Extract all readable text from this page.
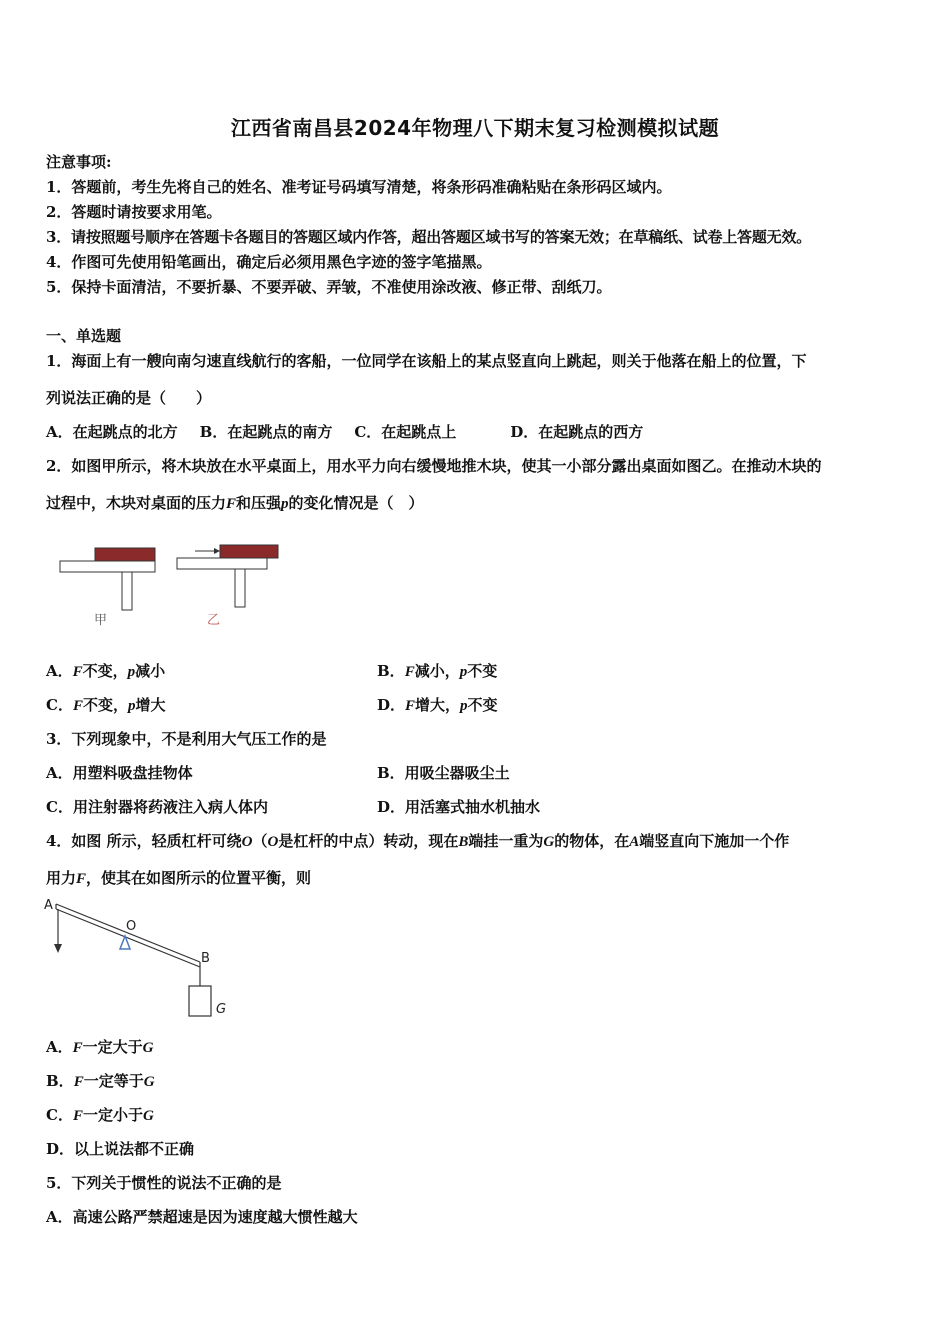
江西省南昌县2024年物理八下期末复习检测模拟试题
注意事项:
1．答题前，考生先将自己的姓名、准考证号码填写清楚，将条形码准确粘贴在条形码区域内。
2．答题时请按要求用笔。
3．请按照题号顺序在答题卡各题目的答题区域内作答，超出答题区域书写的答案无效；在草稿纸、试卷上答题无效。
4．作图可先使用铅笔画出，确定后必须用黑色字迹的签字笔描黑。
5．保持卡面清洁，不要折暴、不要弄破、弄皱，不准使用涂改液、修正带、刮纸刀。
一、单选题
1．海面上有一艘向南匀速直线航行的客船，一位同学在该船上的某点竖直向上跳起，则关于他落在船上的位置，下
列说法正确的是（　　）
A．在起跳点的北方 B．在起跳点的南方 C．在起跳点上	D．在起跳点的西方
2．如图甲所示，将木块放在水平桌面上，用水平力向右缓慢地推木块，使其一小部分露出桌面如图乙。在推动木块的
过程中，木块对桌面的压力F和压强p的变化情况是（　）
甲	乙
A．F不变，p减小	B．F减小，p不变
C．F不变，p增大	D．F增大，p不变
3．下列现象中，不是利用大气压工作的是
A．用塑料吸盘挂物体	B．用吸尘器吸尘土
C．用注射器将药液注入病人体内	D．用活塞式抽水机抽水
4．如图 所示，轻质杠杆可绕O（O是杠杆的中点）转动，现在B端挂一重为G的物体，在A端竖直向下施加一个作
用力F，使其在如图所示的位置平衡，则
A
O
B
G
A．F一定大于G
B．F一定等于G
C．F一定小于G
D．以上说法都不正确
5．下列关于惯性的说法不正确的是
A．高速公路严禁超速是因为速度越大惯性越大
